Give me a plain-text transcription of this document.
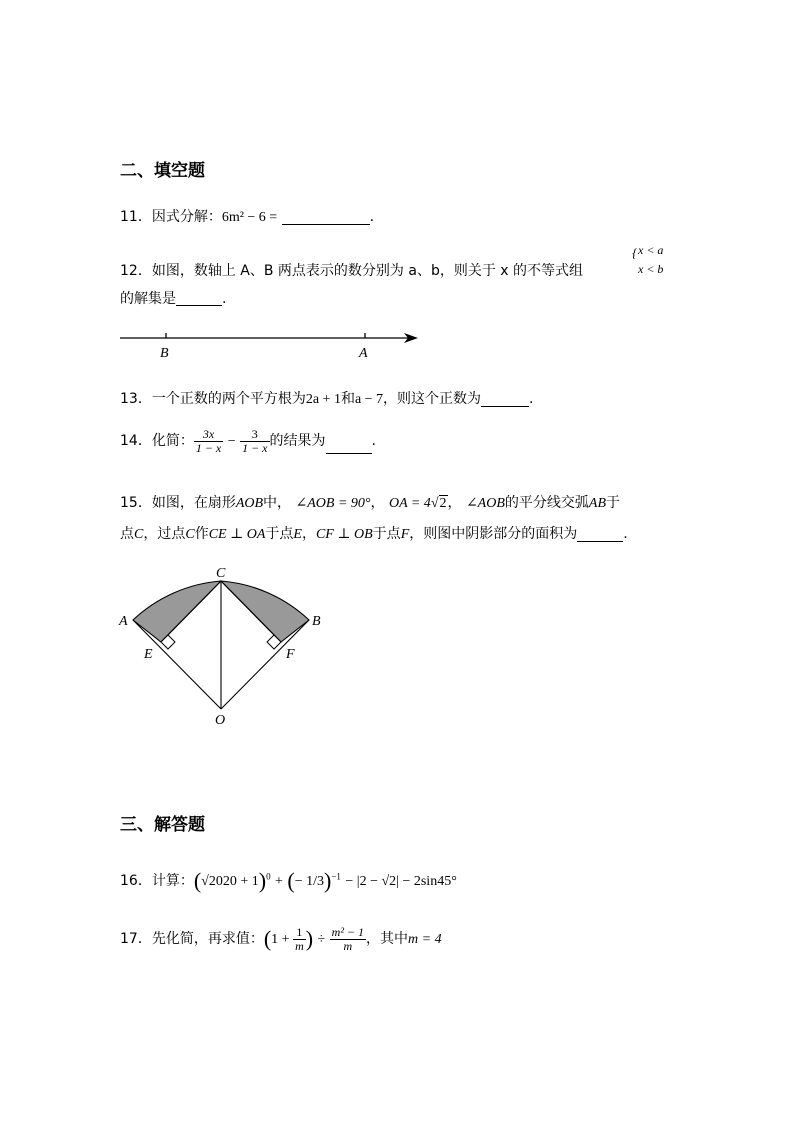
二、填空题
11．因式分解：6m² − 6 =	.
12．如图，数轴上 A、B 两点表示的数分别为 a、b，则关于 x 的不等式组
{ x < a
x < b
的解集是	.
B	A
13．一个正数的两个平方根为2a + 1和a − 7，则这个正数为	.
14．化简： $\frac{3x}{1 - x} - \frac{3}{1 - x}$ 的结果为	.
15．如图，在扇形AOB中， ∠AOB = 90°， OA = 4√2， ∠AOB的平分线交弧AB于
点C，过点C作CE ⊥ OA于点E，CF ⊥ OB于点F，则图中阴影部分的面积为	.
C
A	B
E	F
O
三、解答题
16．计算：$(√2020 + 1)^0$ + (− 1/3)$^{-1}$ − |2 − √2| − 2sin45°
17．先化简，再求值：($1 + \frac{1}{m}$ ) ÷ $\frac{\text{m² − 1}}{m}$ ，其中m = 4
